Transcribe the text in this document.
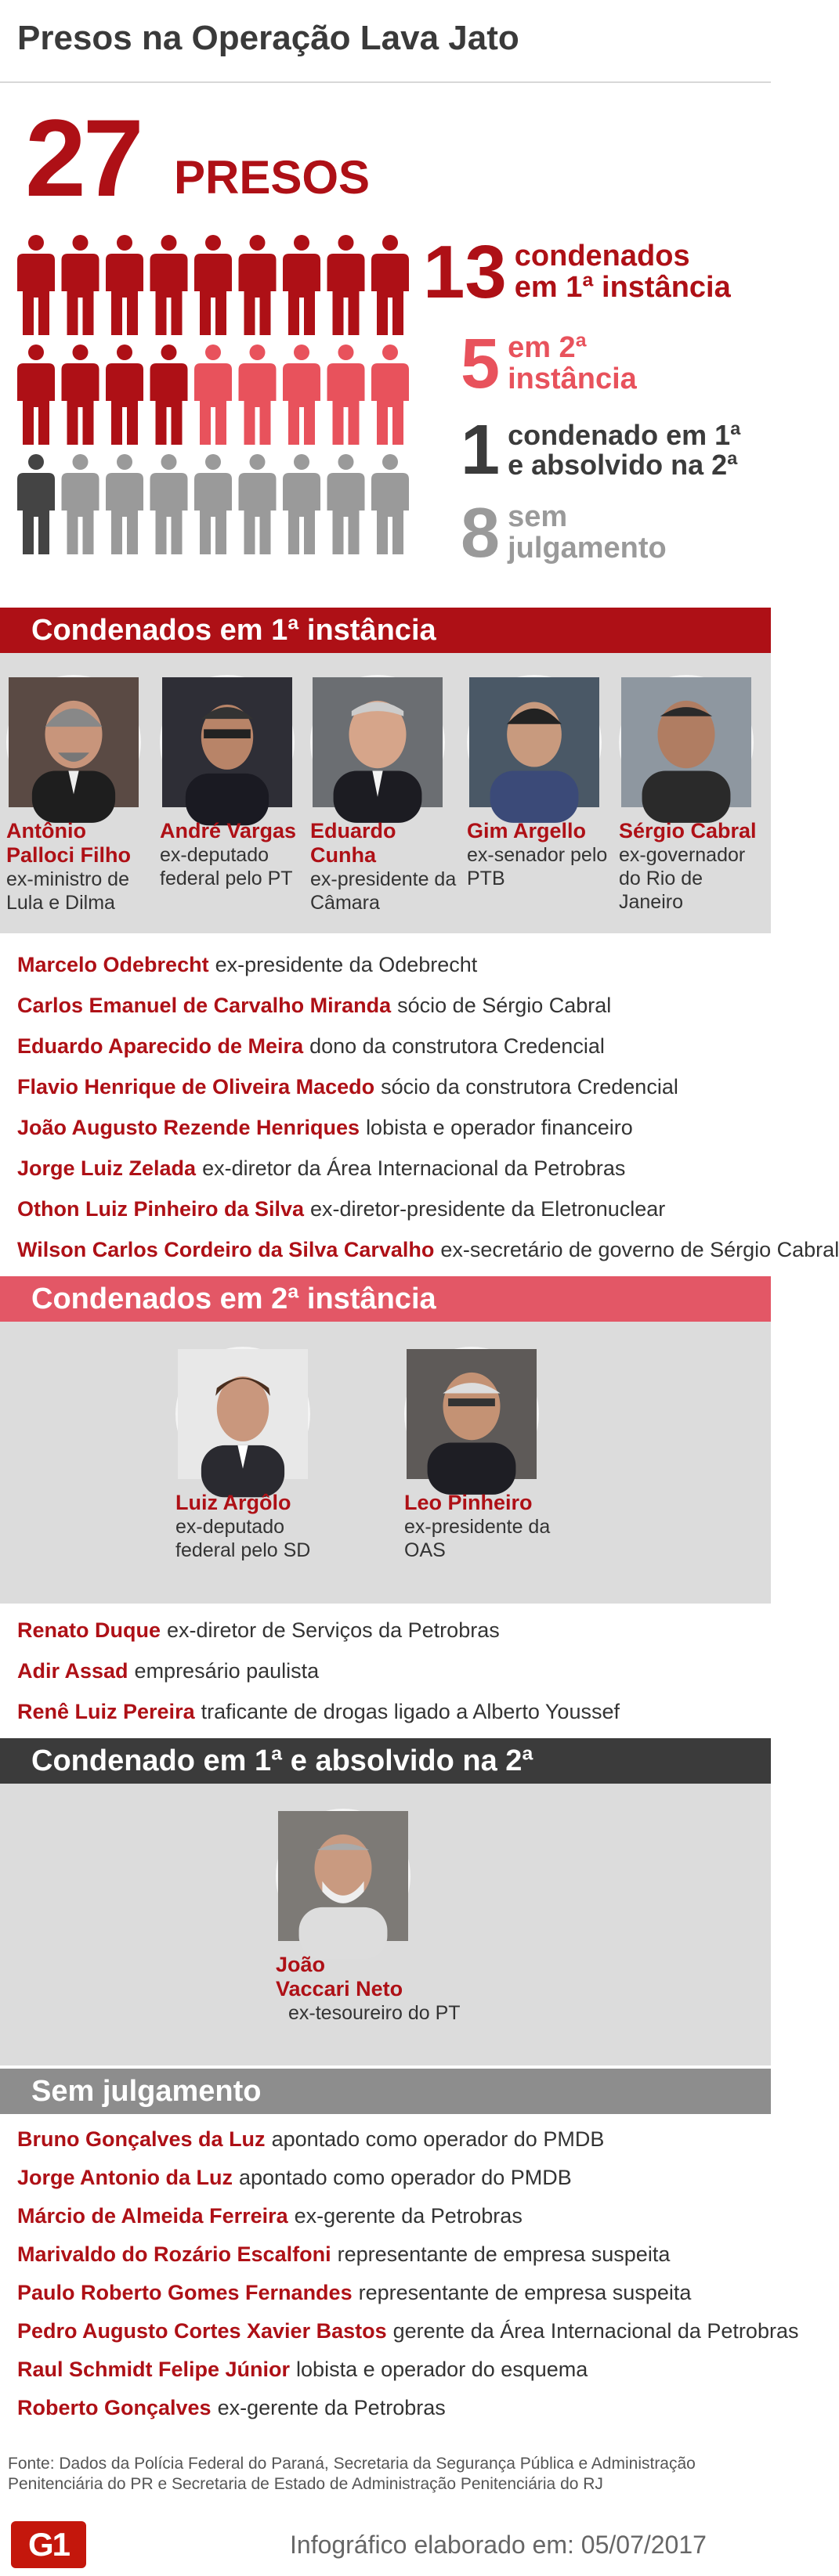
Presos na Operação Lava Jato
27 PRESOS
13 condenados
em 1ª instância
5 em 2ª
instância
1 condenado em 1ª
e absolvido na 2ª
8 sem
julgamento
Condenados em 1ª instância
Antônio Palloci Filho
ex-ministro de Lula e Dilma
André Vargas
ex-deputado federal pelo PT
Eduardo Cunha
ex-presidente da Câmara
Gim Argello
ex-senador pelo PTB
Sérgio Cabral
ex-governador do Rio de Janeiro
Marcelo Odebrecht ex-presidente da Odebrecht
Carlos Emanuel de Carvalho Miranda sócio de Sérgio Cabral
Eduardo Aparecido de Meira dono da construtora Credencial
Flavio Henrique de Oliveira Macedo sócio da construtora Credencial
João Augusto Rezende Henriques lobista e operador financeiro
Jorge Luiz Zelada ex-diretor da Área Internacional da Petrobras
Othon Luiz Pinheiro da Silva ex-diretor-presidente da Eletronuclear
Wilson Carlos Cordeiro da Silva Carvalho ex-secretário de governo de Sérgio Cabral
Condenados em 2ª instância
Luiz Argôlo
ex-deputado federal pelo SD
Leo Pinheiro
ex-presidente da OAS
Renato Duque ex-diretor de Serviços da Petrobras
Adir Assad empresário paulista
Renê Luiz Pereira traficante de drogas ligado a Alberto Youssef
Condenado em 1ª e absolvido na 2ª
João
Vaccari Neto
ex-tesoureiro do PT
Sem julgamento
Bruno Gonçalves da Luz apontado como operador do PMDB
Jorge Antonio da Luz apontado como operador do PMDB
Márcio de Almeida Ferreira ex-gerente da Petrobras
Marivaldo do Rozário Escalfoni representante de empresa suspeita
Paulo Roberto Gomes Fernandes representante de empresa suspeita
Pedro Augusto Cortes Xavier Bastos gerente da Área Internacional da Petrobras
Raul Schmidt Felipe Júnior lobista e operador do esquema
Roberto Gonçalves ex-gerente da Petrobras
Fonte: Dados da Polícia Federal do Paraná, Secretaria da Segurança Pública e Administração Penitenciária do PR e Secretaria de Estado de Administração Penitenciária do RJ
G1	Infográfico elaborado em: 05/07/2017
